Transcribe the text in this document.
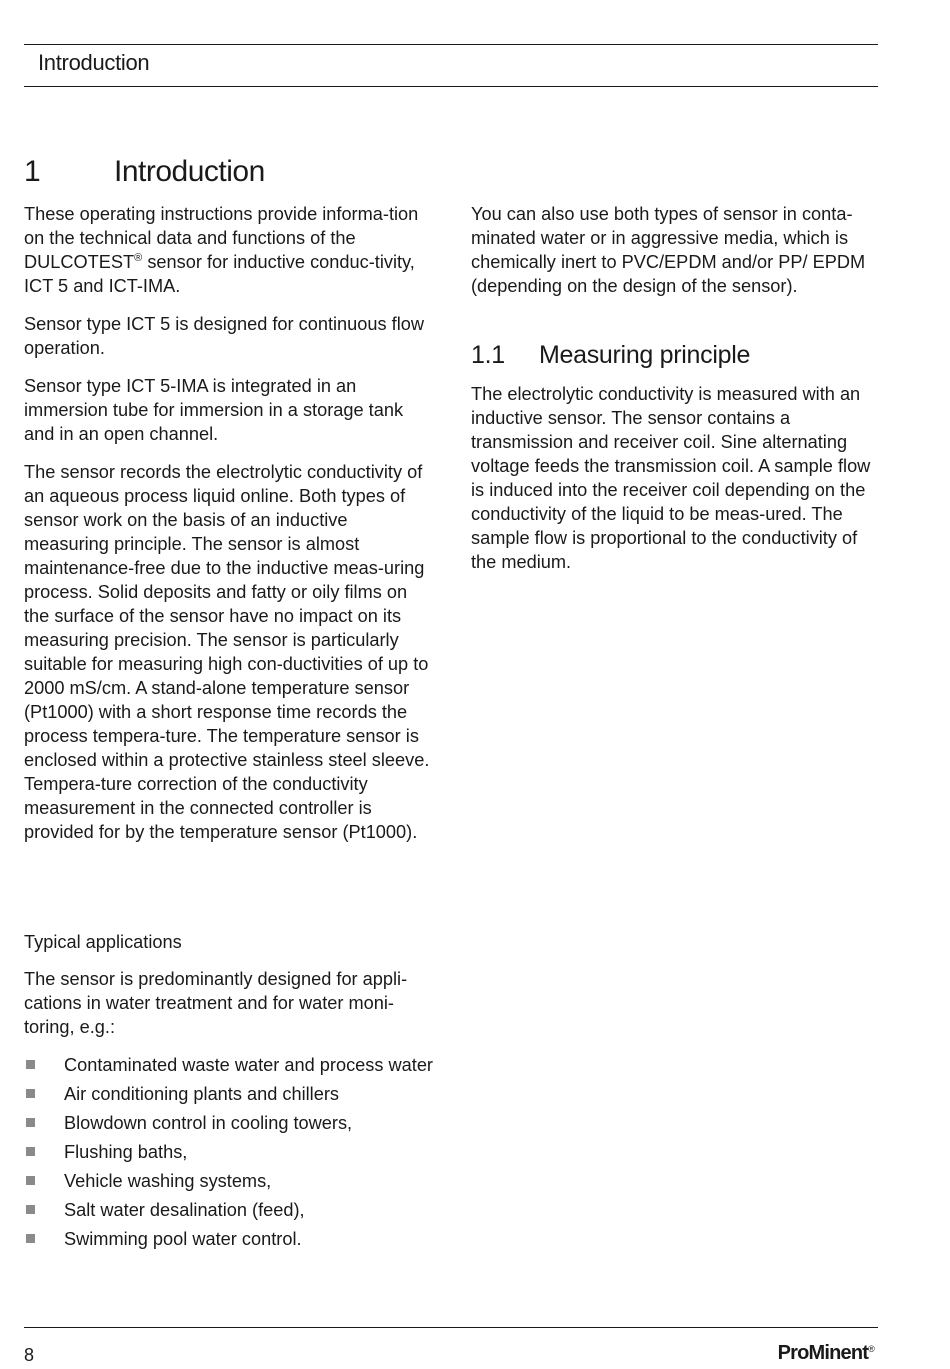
Introduction
1	Introduction

These operating instructions provide informa-tion on the technical data and functions of the DULCOTEST® sensor for inductive conduc-tivity, ICT 5 and ICT-IMA.

Sensor type ICT 5 is designed for continuous flow operation.

Sensor type ICT 5-IMA is integrated in an immersion tube for immersion in a storage tank and in an open channel.

The sensor records the electrolytic conductivity of an aqueous process liquid online. Both types of sensor work on the basis of an inductive measuring principle. The sensor is almost maintenance-free due to the inductive meas-uring process. Solid deposits and fatty or oily films on the surface of the sensor have no impact on its measuring precision. The sensor is particularly suitable for measuring high con-ductivities of up to 2000 mS/cm. A stand-alone temperature sensor (Pt1000) with a short response time records the process tempera-ture. The temperature sensor is enclosed within a protective stainless steel sleeve. Tempera-ture correction of the conductivity measurement in the connected controller is provided for by the temperature sensor (Pt1000).

You can also use both types of sensor in conta-minated water or in aggressive media, which is chemically inert to PVC/EPDM and/or PP/ EPDM (depending on the design of the sensor).

1.1	Measuring principle

The electrolytic conductivity is measured with an inductive sensor. The sensor contains a transmission and receiver coil. Sine alternating voltage feeds the transmission coil. A sample flow is induced into the receiver coil depending on the conductivity of the liquid to be meas-ured. The sample flow is proportional to the conductivity of the medium.

Typical applications

The sensor is predominantly designed for appli-cations in water treatment and for water moni-toring, e.g.:

Contaminated waste water and process water
Air conditioning plants and chillers
Blowdown control in cooling towers,
Flushing baths,
Vehicle washing systems,
Salt water desalination (feed),
Swimming pool water control.
8	ProMinent®
